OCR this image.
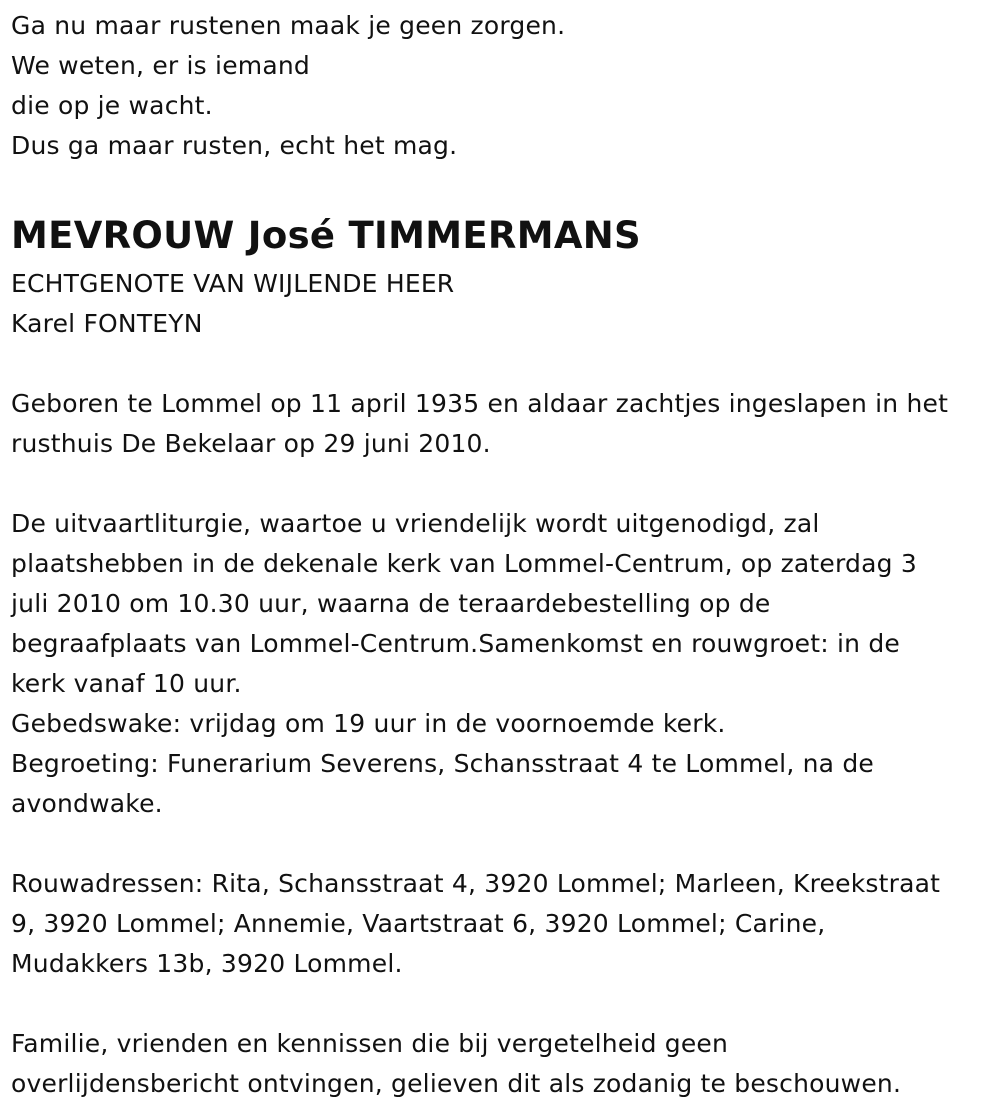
Ga nu maar rustenen maak je geen zorgen.
We weten, er is iemand
die op je wacht.
Dus ga maar rusten, echt het mag.
MEVROUW José TIMMERMANS
ECHTGENOTE VAN WIJLENDE HEER
Karel FONTEYN
Geboren te Lommel op 11 april 1935 en aldaar zachtjes ingeslapen in het
rusthuis De Bekelaar op 29 juni 2010.
De uitvaartliturgie, waartoe u vriendelijk wordt uitgenodigd, zal
plaatshebben in de dekenale kerk van Lommel-Centrum, op zaterdag 3
juli 2010 om 10.30 uur, waarna de teraardebestelling op de
begraafplaats van Lommel-Centrum.Samenkomst en rouwgroet: in de
kerk vanaf 10 uur.
Gebedswake: vrijdag om 19 uur in de voornoemde kerk.
Begroeting: Funerarium Severens, Schansstraat 4 te Lommel, na de
avondwake.
Rouwadressen: Rita, Schansstraat 4, 3920 Lommel; Marleen, Kreekstraat
9, 3920 Lommel; Annemie, Vaartstraat 6, 3920 Lommel; Carine,
Mudakkers 13b, 3920 Lommel.
Familie, vrienden en kennissen die bij vergetelheid geen
overlijdensbericht ontvingen, gelieven dit als zodanig te beschouwen.
